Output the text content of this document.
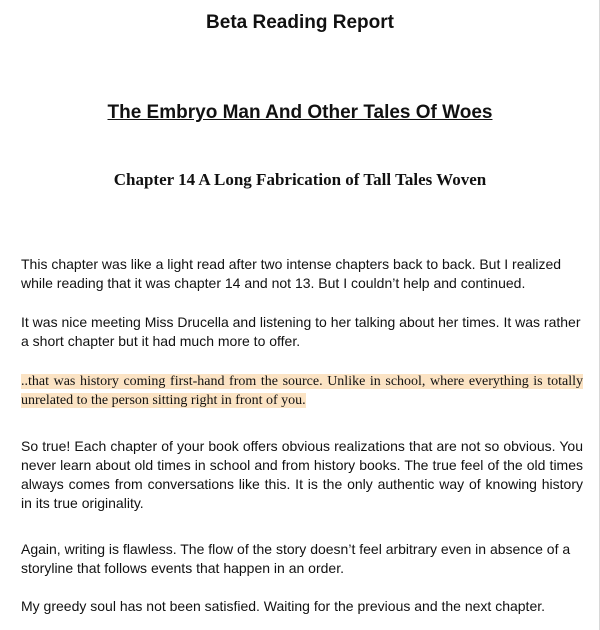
Beta Reading Report
The Embryo Man And Other Tales Of Woes
Chapter 14 A Long Fabrication of Tall Tales Woven

This chapter was like a light read after two intense chapters back to back. But I realized while reading that it was chapter 14 and not 13. But I couldn’t help and continued.

It was nice meeting Miss Drucella and listening to her talking about her times. It was rather a short chapter but it had much more to offer.

..that was history coming first-hand from the source. Unlike in school, where everything is totally unrelated to the person sitting right in front of you.

So true! Each chapter of your book offers obvious realizations that are not so obvious. You never learn about old times in school and from history books. The true feel of the old times always comes from conversations like this. It is the only authentic way of knowing history in its true originality.

Again, writing is flawless. The flow of the story doesn’t feel arbitrary even in absence of a storyline that follows events that happen in an order.

My greedy soul has not been satisfied. Waiting for the previous and the next chapter.
